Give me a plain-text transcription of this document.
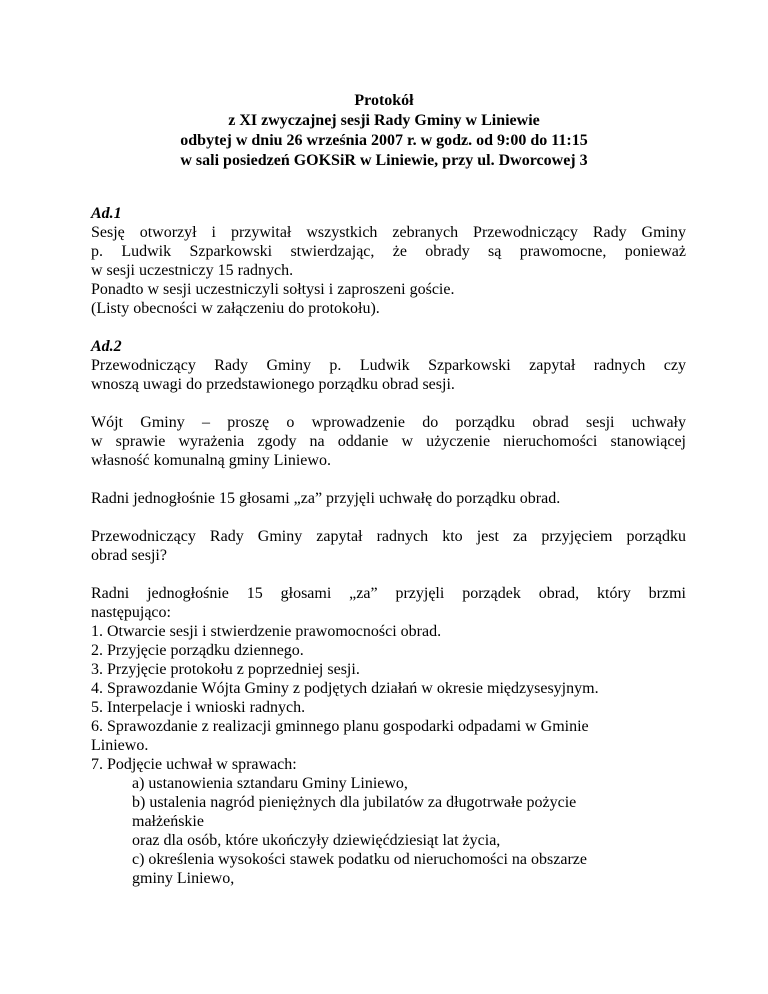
Protokół
z XI zwyczajnej sesji Rady Gminy w Liniewie
odbytej w dniu 26 września 2007 r. w godz. od 9:00 do 11:15
w sali posiedzeń GOKSiR w Liniewie, przy ul. Dworcowej 3

Ad.1

Sesję otworzył i przywitał wszystkich zebranych Przewodniczący Rady Gminy
p. Ludwik Szparkowski stwierdzając, że obrady są prawomocne, ponieważ
w sesji uczestniczy 15 radnych.
Ponadto w sesji uczestniczyli sołtysi i zaproszeni goście.
(Listy obecności w załączeniu do protokołu).

Ad.2

Przewodniczący Rady Gminy p. Ludwik Szparkowski zapytał radnych czy
wnoszą uwagi do przedstawionego porządku obrad sesji.
Wójt Gminy – proszę o wprowadzenie do porządku obrad sesji uchwały
w sprawie wyrażenia zgody na oddanie w użyczenie nieruchomości stanowiącej
własność komunalną gminy Liniewo.
Radni jednogłośnie 15 głosami „za” przyjęli uchwałę do porządku obrad.
Przewodniczący Rady Gminy zapytał radnych kto jest za przyjęciem porządku
obrad sesji?
Radni jednogłośnie 15 głosami „za” przyjęli porządek obrad, który brzmi
następująco:
1. Otwarcie sesji i stwierdzenie prawomocności obrad.
2. Przyjęcie porządku dziennego.
3. Przyjęcie protokołu z poprzedniej sesji.
4. Sprawozdanie Wójta Gminy z podjętych działań w okresie międzysesyjnym.
5. Interpelacje i wnioski radnych.
6. Sprawozdanie z realizacji gminnego planu gospodarki odpadami w Gminie
Liniewo.
7. Podjęcie uchwał w sprawach:
a) ustanowienia sztandaru Gminy Liniewo,
b) ustalenia nagród pieniężnych dla jubilatów za długotrwałe pożycie
małżeńskie
oraz dla osób, które ukończyły dziewięćdziesiąt lat życia,
c) określenia wysokości stawek podatku od nieruchomości na obszarze
gminy Liniewo,
